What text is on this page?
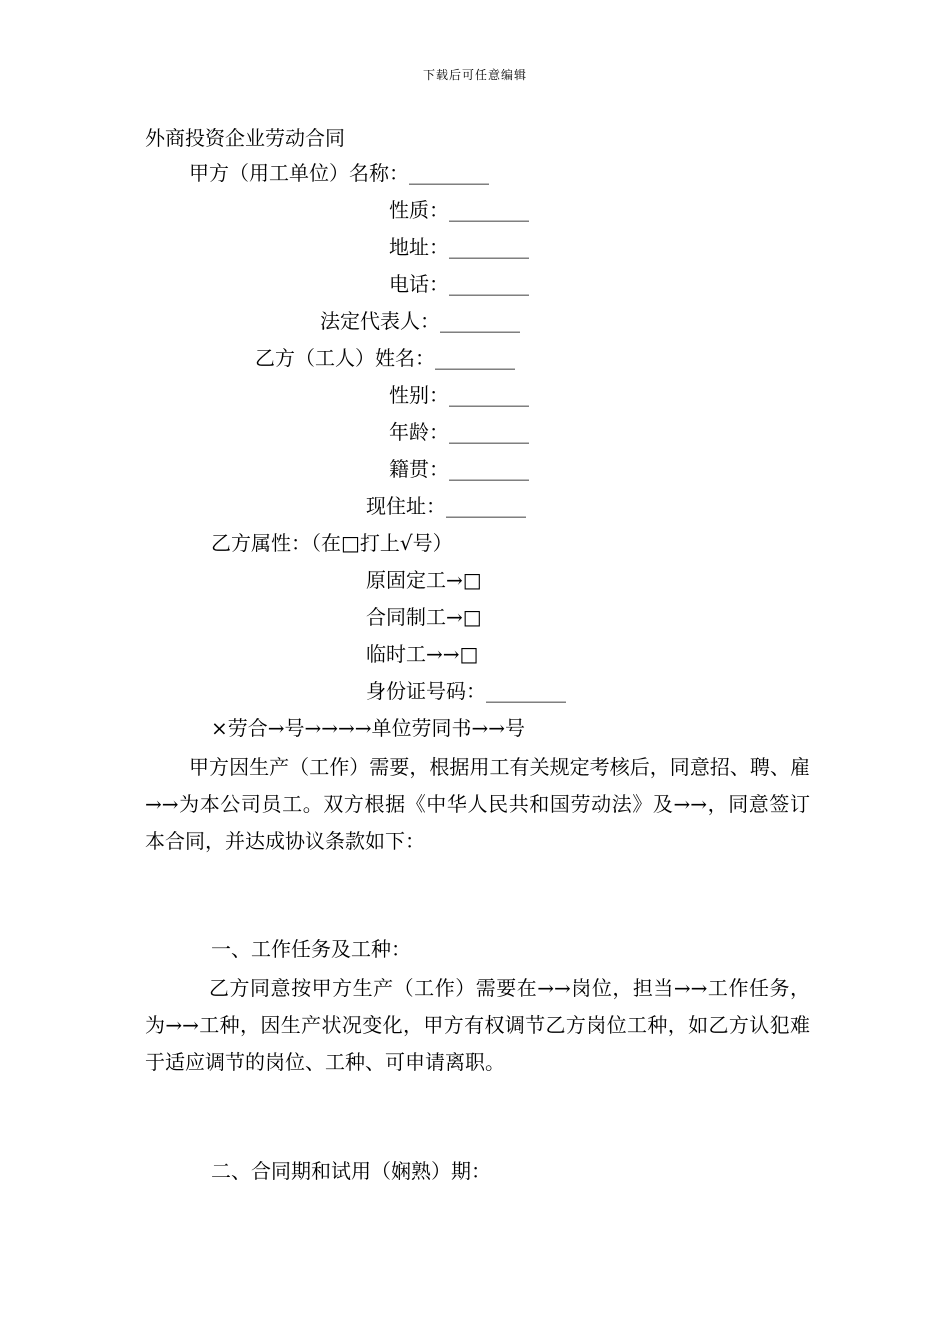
下载后可任意编辑
外商投资企业劳动合同
甲方（用工单位）名称：________
性质：________
地址：________
电话：________
法定代表人：________
乙方（工人）姓名：________
性别：________
年龄：________
籍贯：________
现住址：________
乙方属性：（在□打上√号）
原固定工→□
合同制工→□
临时工→→□
身份证号码：________
×劳合→号→→→→单位劳同书→→号
甲方因生产（工作）需要，根据用工有关规定考核后，同意招、聘、雇→→为本公司员工。双方根据《中华人民共和国劳动法》及→→，同意签订本合同，并达成协议条款如下：
一、工作任务及工种：
乙方同意按甲方生产（工作）需要在→→岗位，担当→→工作任务，为→→工种，因生产状况变化，甲方有权调节乙方岗位工种，如乙方认犯难于适应调节的岗位、工种、可申请离职。
二、合同期和试用（娴熟）期：
